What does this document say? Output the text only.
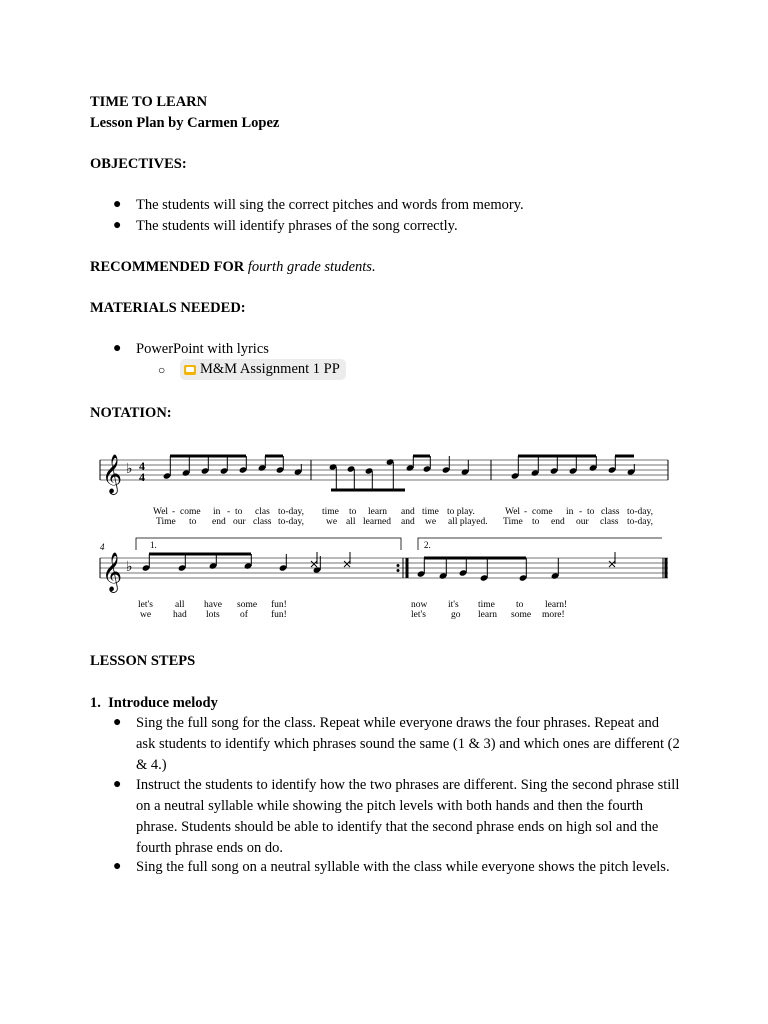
TIME TO LEARN
Lesson Plan by Carmen Lopez
OBJECTIVES:
● The students will sing the correct pitches and words from memory.
● The students will identify phrases of the song correctly.
RECOMMENDED FOR fourth grade students.
MATERIALS NEEDED:
● PowerPoint with lyrics
○ M&M Assignment 1 PP
NOTATION:
𝄞 ♭ 4
4
Wel - come in - to clas to-day, time to learn and time to play.	Wel - come in - to class to-day,
Time to end our class to-day, we all learned and we all played. Time to end our class to-day,
4	1.	2.
𝄞 ♭
let's all have some fun!	now it's time to learn!
we had lots of fun!	let's	go learn some more!
LESSON STEPS
1. Introduce melody
● Sing the full song for the class. Repeat while everyone draws the four phrases. Repeat and ask students to identify which phrases sound the same (1 & 3) and which ones are different (2 & 4.)
● Instruct the students to identify how the two phrases are different. Sing the second phrase still on a neutral syllable while showing the pitch levels with both hands and then the fourth phrase. Students should be able to identify that the second phrase ends on high sol and the fourth phrase ends on do.
● Sing the full song on a neutral syllable with the class while everyone shows the pitch levels.
